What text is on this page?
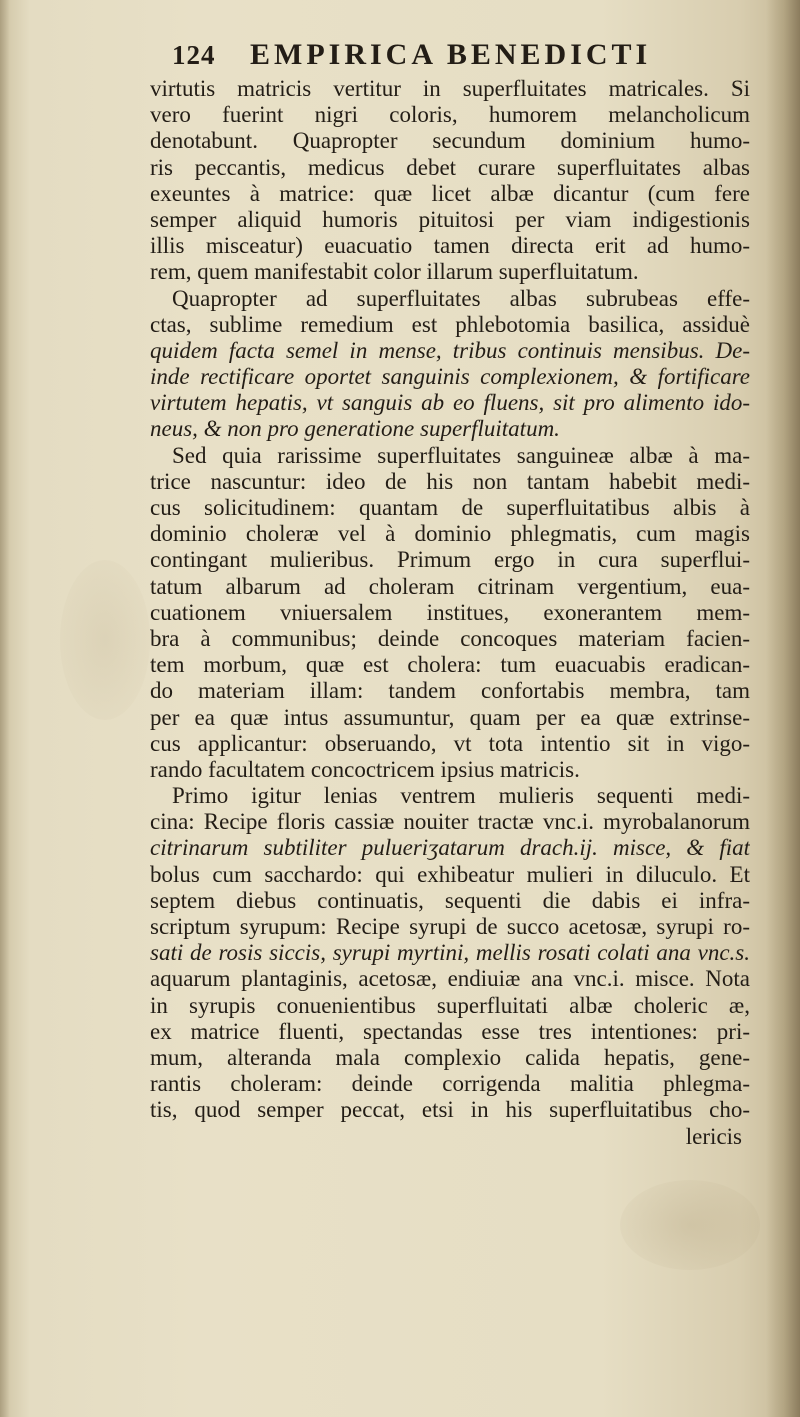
124 EMPIRICA BENEDICTI
virtutis matricis vertitur in superfluitates matricales. Si
vero fuerint nigri coloris, humorem melancholicum
denotabunt. Quapropter secundum dominium humo-
ris peccantis, medicus debet curare superfluitates albas
exeuntes à matrice: quæ licet albæ dicantur (cum fere
semper aliquid humoris pituitosi per viam indigestionis
illis misceatur) euacuatio tamen directa erit ad humo-
rem, quem manifestabit color illarum superfluitatum.
Quapropter ad superfluitates albas subrubeas effe-
ctas, sublime remedium est phlebotomia basilica, assiduè
quidem facta semel in mense, tribus continuis mensibus. De-
inde rectificare oportet sanguinis complexionem, & fortificare
virtutem hepatis, vt sanguis ab eo fluens, sit pro alimento ido-
neus, & non pro generatione superfluitatum.
Sed quia rarissime superfluitates sanguineæ albæ à ma-
trice nascuntur: ideo de his non tantam habebit medi-
cus solicitudinem: quantam de superfluitatibus albis à
dominio choleræ vel à dominio phlegmatis, cum magis
contingant mulieribus. Primum ergo in cura superflui-
tatum albarum ad choleram citrinam vergentium, eua-
cuationem vniuersalem institues, exonerantem mem-
bra à communibus; deinde concoques materiam facien-
tem morbum, quæ est cholera: tum euacuabis eradican-
do materiam illam: tandem confortabis membra, tam
per ea quæ intus assumuntur, quam per ea quæ extrinse-
cus applicantur: obseruando, vt tota intentio sit in vigo-
rando facultatem concoctricem ipsius matricis.
Primo igitur lenias ventrem mulieris sequenti medi-
cina: Recipe floris cassiæ nouiter tractæ vnc.i. myrobalanorum
citrinarum subtiliter pulueriʒatarum drach.ij. misce, & fiat
bolus cum sacchardo: qui exhibeatur mulieri in diluculo. Et
septem diebus continuatis, sequenti die dabis ei infra-
scriptum syrupum: Recipe syrupi de succo acetosæ, syrupi ro-
sati de rosis siccis, syrupi myrtini, mellis rosati colati ana vnc.s.
aquarum plantaginis, acetosæ, endiuiæ ana vnc.i. misce. Nota
in syrupis conuenientibus superfluitati albæ choleric æ,
ex matrice fluenti, spectandas esse tres intentiones: pri-
mum, alteranda mala complexio calida hepatis, gene-
rantis choleram: deinde corrigenda malitia phlegma-
tis, quod semper peccat, etsi in his superfluitatibus cho-
lericis
